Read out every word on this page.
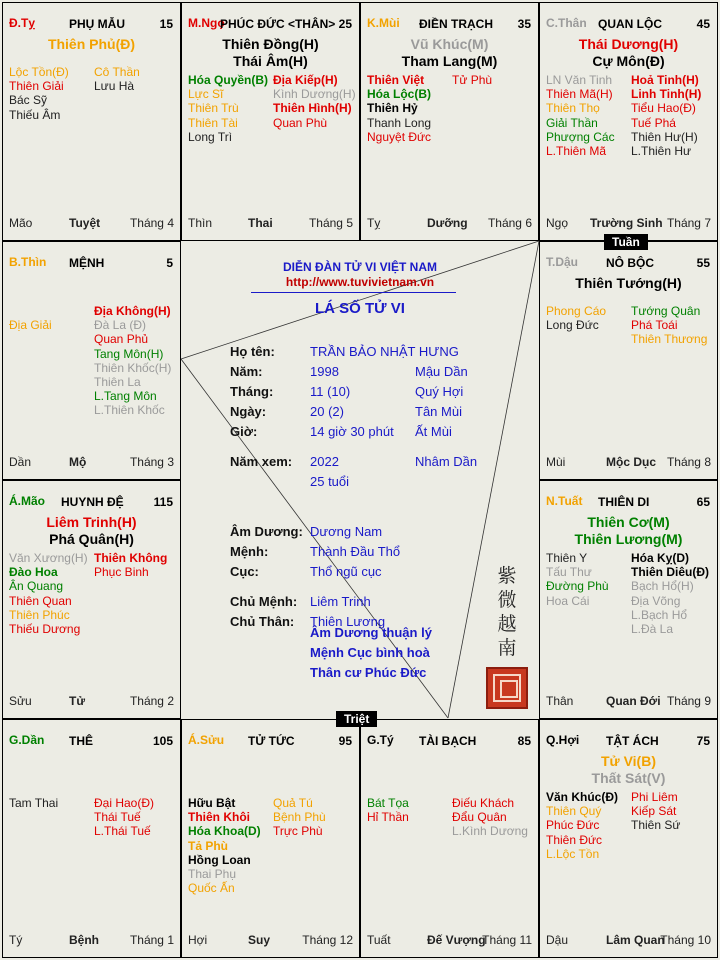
Đ.Tỵ	PHỤ MẪU	15
Thiên Phủ(Đ)
Lộc Tồn(Đ)
Thiên Giải
Bác Sỹ
Thiếu Âm
Cô Thần
Lưu Hà
Mão	Tuyệt Tháng 4
M.Ngọ
PHÚC ĐỨC <THÂN> 25
Thiên Đồng(H)
Thái Âm(H)
Hóa Quyền(B)
Lực Sĩ
Thiên Trù
Thiên Tài
Long Trì
Địa Kiếp(H)
Kình Dương(H)
Thiên Hình(H)
Quan Phù
Thìn	Thai	Tháng 5
K.Mùi ĐIỀN TRẠCH 35
Vũ Khúc(M)
Tham Lang(M)
Thiên Việt
Hóa Lộc(B)
Thiên Hỷ
Thanh Long
Nguyệt Đức
Tử Phù
Tỵ	Dưỡng Tháng 6
C.Thân QUAN LỘC	45
Thái Dương(H)
Cự Môn(Đ)
LN Văn Tinh
Thiên Mã(H)
Thiên Thọ
Giải Thần
Phượng Các
L.Thiên Mã
Hoả Tinh(H)
Linh Tinh(H)
Tiểu Hao(Đ)
Tuế Phá
Thiên Hư(H)
L.Thiên Hư
Ngọ Trường Sinh Tháng 7
B.Thìn MỆNH	5
Địa Giải
Địa Không(H)
Đà La (Đ)
Quan Phủ
Tang Môn(H)
Thiên Khốc(H)
Thiên La
L.Tang Môn
L.Thiên Khốc
Dần	Mộ	Tháng 3
T.Dậu NÔ BỘC	55
Thiên Tướng(H)
Phong Cáo
Long Đức
Tướng Quân
Phá Toái
Thiên Thương
Mùi	Mộc Dục Tháng 8
Á.Mão HUYNH ĐỆ 115
Liêm Trinh(H)
Phá Quân(H)
Văn Xương(H)
Đào Hoa
Ân Quang
Thiên Quan
Thiên Phúc
Thiếu Dương
Thiên Không
Phục Binh
Sửu	Tử	Tháng 2
N.Tuất THIÊN DI	65
Thiên Cơ(M)
Thiên Lương(M)
Thiên Y
Tấu Thư
Đường Phù
Hoa Cái
Hóa Kỵ(D)
Thiên Diêu(Đ)
Bạch Hổ(H)
Địa Võng
L.Bạch Hổ
L.Đà La
Thân	Quan Đới Tháng 9
G.Dần THÊ	105
Tam Thai	Đại Hao(Đ)
Thái Tuế
L.Thái Tuế
Tý	Bệnh	Tháng 1
Á.Sửu TỬ TỨC	95
Hữu Bật
Thiên Khôi
Hóa Khoa(D)
Tả Phù
Hồng Loan
Thai Phụ
Quốc Ấn
Quả Tú
Bệnh Phù
Trực Phù
Hợi	Suy	Tháng 12
G.Tý TÀI BẠCH	85
Bát Tọa
Hỉ Thần
Điếu Khách
Đẩu Quân
L.Kình Dương
Tuất	Đế Vượng
Tháng 11
Q.Hợi TẬT ÁCH	75
Tử Vi(B)
Thất Sát(V)
Văn Khúc(Đ)
Thiên Quý
Phúc Đức
Thiên Đức
L.Lộc Tồn
Phi Liêm
Kiếp Sát
Thiên Sứ
Dậu	Lâm Quan
Tháng 10
DIỄN ĐÀN TỬ VI VIỆT NAM
http://www.tuvivietnam.vn
LÁ SỐ TỬ VI
Họ tên:	TRẦN BẢO NHẬT HƯNG
Năm:	1998	Mậu Dần
Tháng:	11 (10)	Quý Hợi
Ngày:	20 (2)	Tân Mùi
Giờ:	14 giờ 30 phút Ất Mùi
Năm xem: 2022	Nhâm Dần
25 tuổi
Âm Dương: Dương Nam
Mệnh:	Thành Đầu Thổ
Cục:	Thổ ngũ cục
Chủ Mệnh: Liêm Trinh
Chủ Thân: Thiên Lương
Âm Dương thuận lý
Mệnh Cục bình hoà
Thân cư Phúc Đức
紫
微
越
南
Tuần
Triệt
